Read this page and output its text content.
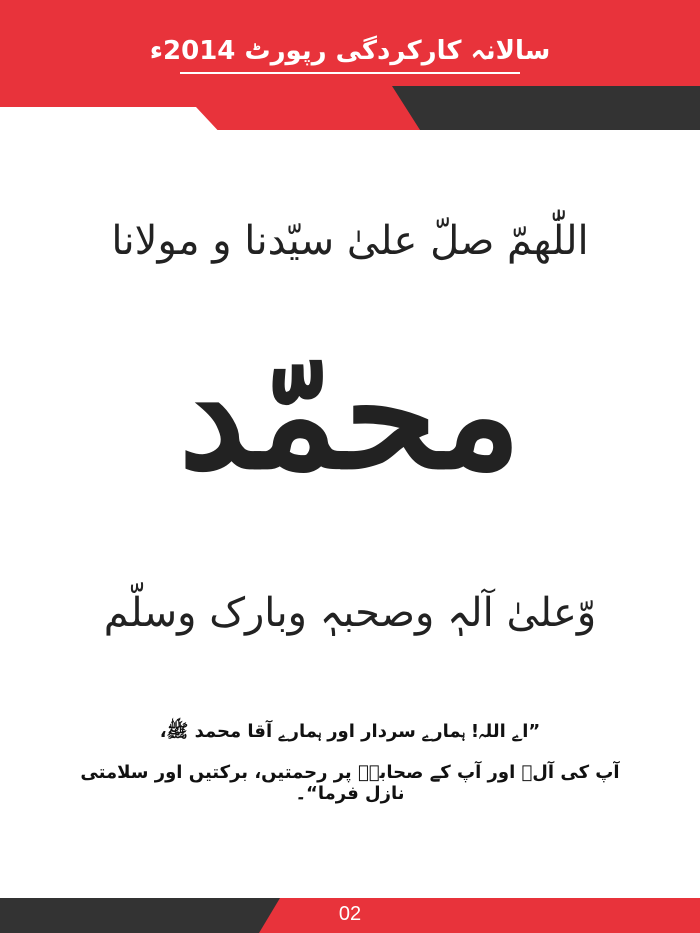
سالانہ کارکردگی رپورٹ 2014ء
اللّٰھمّ صلّ علیٰ سیّدنا و مولانا
محمّد
وّعلیٰ آلہٖ وصحبہٖ وبارک وسلّم
”اے اللہ! ہمارے سردار اور ہمارے آقا محمد ﷺ،
آپ کی آلؓ اور آپ کے صحابہؓ پر رحمتیں، برکتیں اور سلامتی نازل فرما“۔
02
